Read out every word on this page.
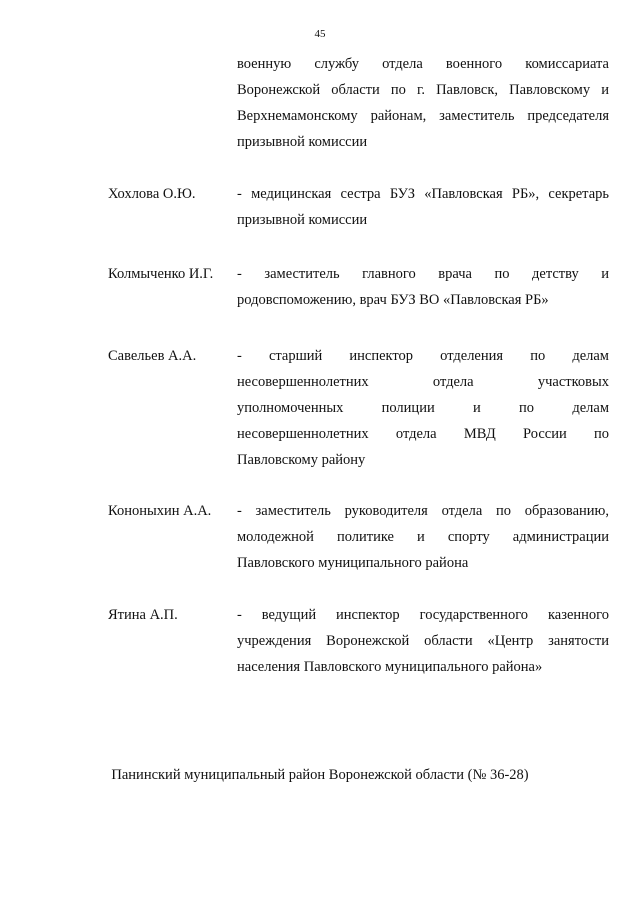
45
военную службу отдела военного комиссариата
Воронежской области по г. Павловск, Павловскому и
Верхнемамонскому районам, заместитель председателя
призывной комиссии
Хохлова О.Ю.	- медицинская сестра БУЗ «Павловская РБ», секретарь
призывной комиссии
Колмыченко И.Г. - заместитель главного врача по детству и
родовспоможению, врач БУЗ ВО «Павловская РБ»
Савельев А.А.	- старший инспектор отделения по делам
несовершеннолетних отдела участковых
уполномоченных полиции и по делам
несовершеннолетних отдела МВД России по
Павловскому району
Кононыхин А.А. - заместитель руководителя отдела по образованию,
молодежной политике и спорту администрации
Павловского муниципального района
Ятина А.П.	- ведущий инспектор государственного казенного
учреждения Воронежской области «Центр занятости
населения Павловского муниципального района»
Панинский муниципальный район Воронежской области (№ 36-28)
